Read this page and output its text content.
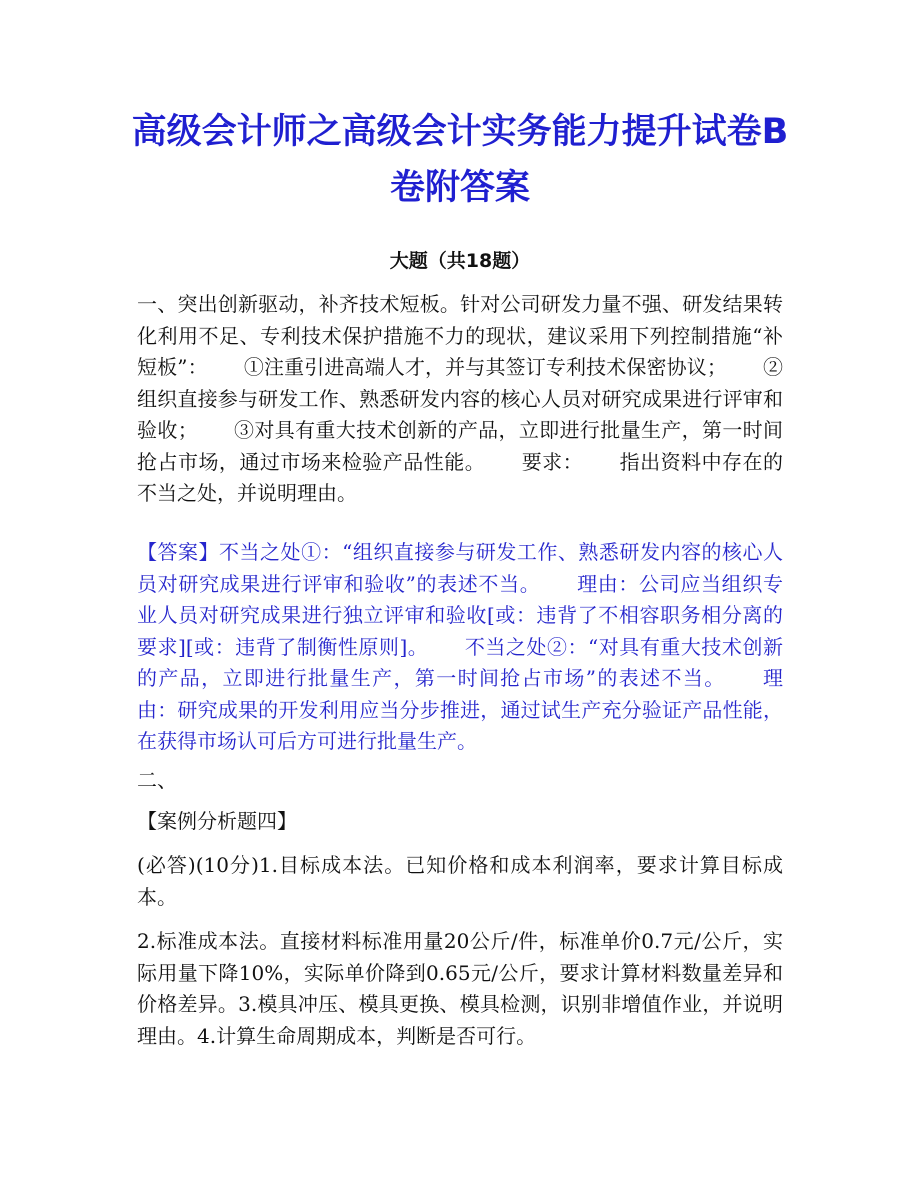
高级会计师之高级会计实务能力提升试卷B卷附答案
大题（共18题）

一、突出创新驱动，补齐技术短板。针对公司研发力量不强、研发结果转化利用不足、专利技术保护措施不力的现状，建议采用下列控制措施“补短板”： ①注重引进高端人才，并与其签订专利技术保密协议； ②组织直接参与研发工作、熟悉研发内容的核心人员对研究成果进行评审和验收； ③对具有重大技术创新的产品，立即进行批量生产，第一时间抢占市场，通过市场来检验产品性能。 要求： 指出资料中存在的不当之处，并说明理由。

【答案】不当之处①：“组织直接参与研发工作、熟悉研发内容的核心人员对研究成果进行评审和验收”的表述不当。 理由：公司应当组织专业人员对研究成果进行独立评审和验收[或：违背了不相容职务相分离的要求][或：违背了制衡性原则]。 不当之处②：“对具有重大技术创新的产品，立即进行批量生产，第一时间抢占市场”的表述不当。 理由：研究成果的开发利用应当分步推进，通过试生产充分验证产品性能，在获得市场认可后方可进行批量生产。

二、

【案例分析题四】

(必答)(10分)1.目标成本法。已知价格和成本利润率，要求计算目标成本。

2.标准成本法。直接材料标准用量20公斤/件，标准单价0.7元/公斤，实际用量下降10%，实际单价降到0.65元/公斤，要求计算材料数量差异和价格差异。3.模具冲压、模具更换、模具检测，识别非增值作业，并说明理由。4.计算生命周期成本，判断是否可行。
